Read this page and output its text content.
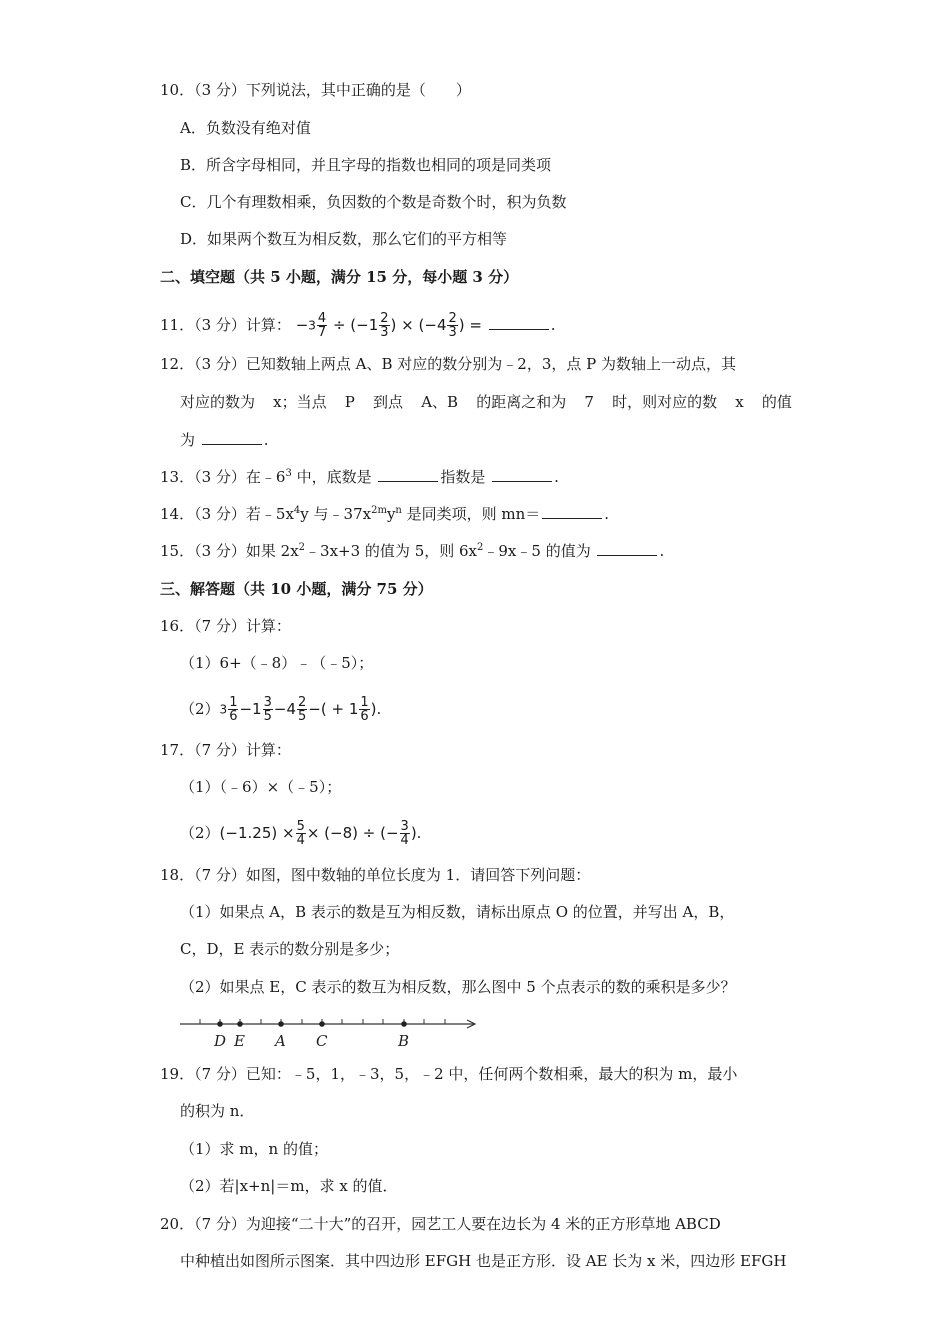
10．（3 分）下列说法，其中正确的是（　　）
A．负数没有绝对值
B．所含字母相同，并且字母的指数也相同的项是同类项
C．几个有理数相乘，负因数的个数是奇数个时，积为负数
D．如果两个数互为相反数，那么它们的平方相等
二、填空题（共 5 小题，满分 15 分，每小题 3 分）
11．（3 分）计算： $-3 \frac{4}{7} \div (-1 \frac{2}{3}$ ) × ($-4 \frac{2}{3}$ ) =	.
12．（3 分）已知数轴上两点 A、B 对应的数分别为﹣2，3，点 P 为数轴上一动点，其
对应的数为 x；当点 P 到点 A、B 的距离之和为 7 时，则对应的数 x 的值
为	.
13．（3 分）在$﹣6^3$ 中，底数是	指数是	.
14．（3 分）若$﹣5x^4y$ 与$﹣37x^{2m}y^n$ 是同类项，则 mn＝	.
15．（3 分）如果 $2x^2﹣3x+3$ 的值为 5，则 $6x^2﹣9x﹣5$ 的值为	.
三、解答题（共 10 小题，满分 75 分）
16．（7 分）计算：
（1）6+（﹣8）﹣（﹣5）；
$(2)3 \frac{1}{6} -1 \frac{3}{5} -4 \frac{2}{5}$ −( + $1 \frac{1}{6}$ ).
17．（7 分）计算：
（1）（﹣6）×（﹣5）；
$(2)(-1.25) \times \frac{5}{4} \times (-8)$ ÷ (− $\frac{3}{4}$ ).
18．（7 分）如图，图中数轴的单位长度为 1．请回答下列问题：
（1）如果点 A，B 表示的数是互为相反数，请标出原点 O 的位置，并写出 A，B，
C，D，E 表示的数分别是多少；
（2）如果点 E，C 表示的数互为相反数，那么图中 5 个点表示的数的乘积是多少？
D E A C	B
19．（7 分）已知：﹣5，1，﹣3，5，﹣2 中，任何两个数相乘，最大的积为 m，最小
的积为 n．
（1）求 m，n 的值；
（2）若|x+n|＝m，求 x 的值．
20．（7 分）为迎接“二十大”的召开，园艺工人要在边长为 4 米的正方形草地 ABCD
中种植出如图所示图案．其中四边形 EFGH 也是正方形．设 AE 长为 x 米，四边形 EFGH
